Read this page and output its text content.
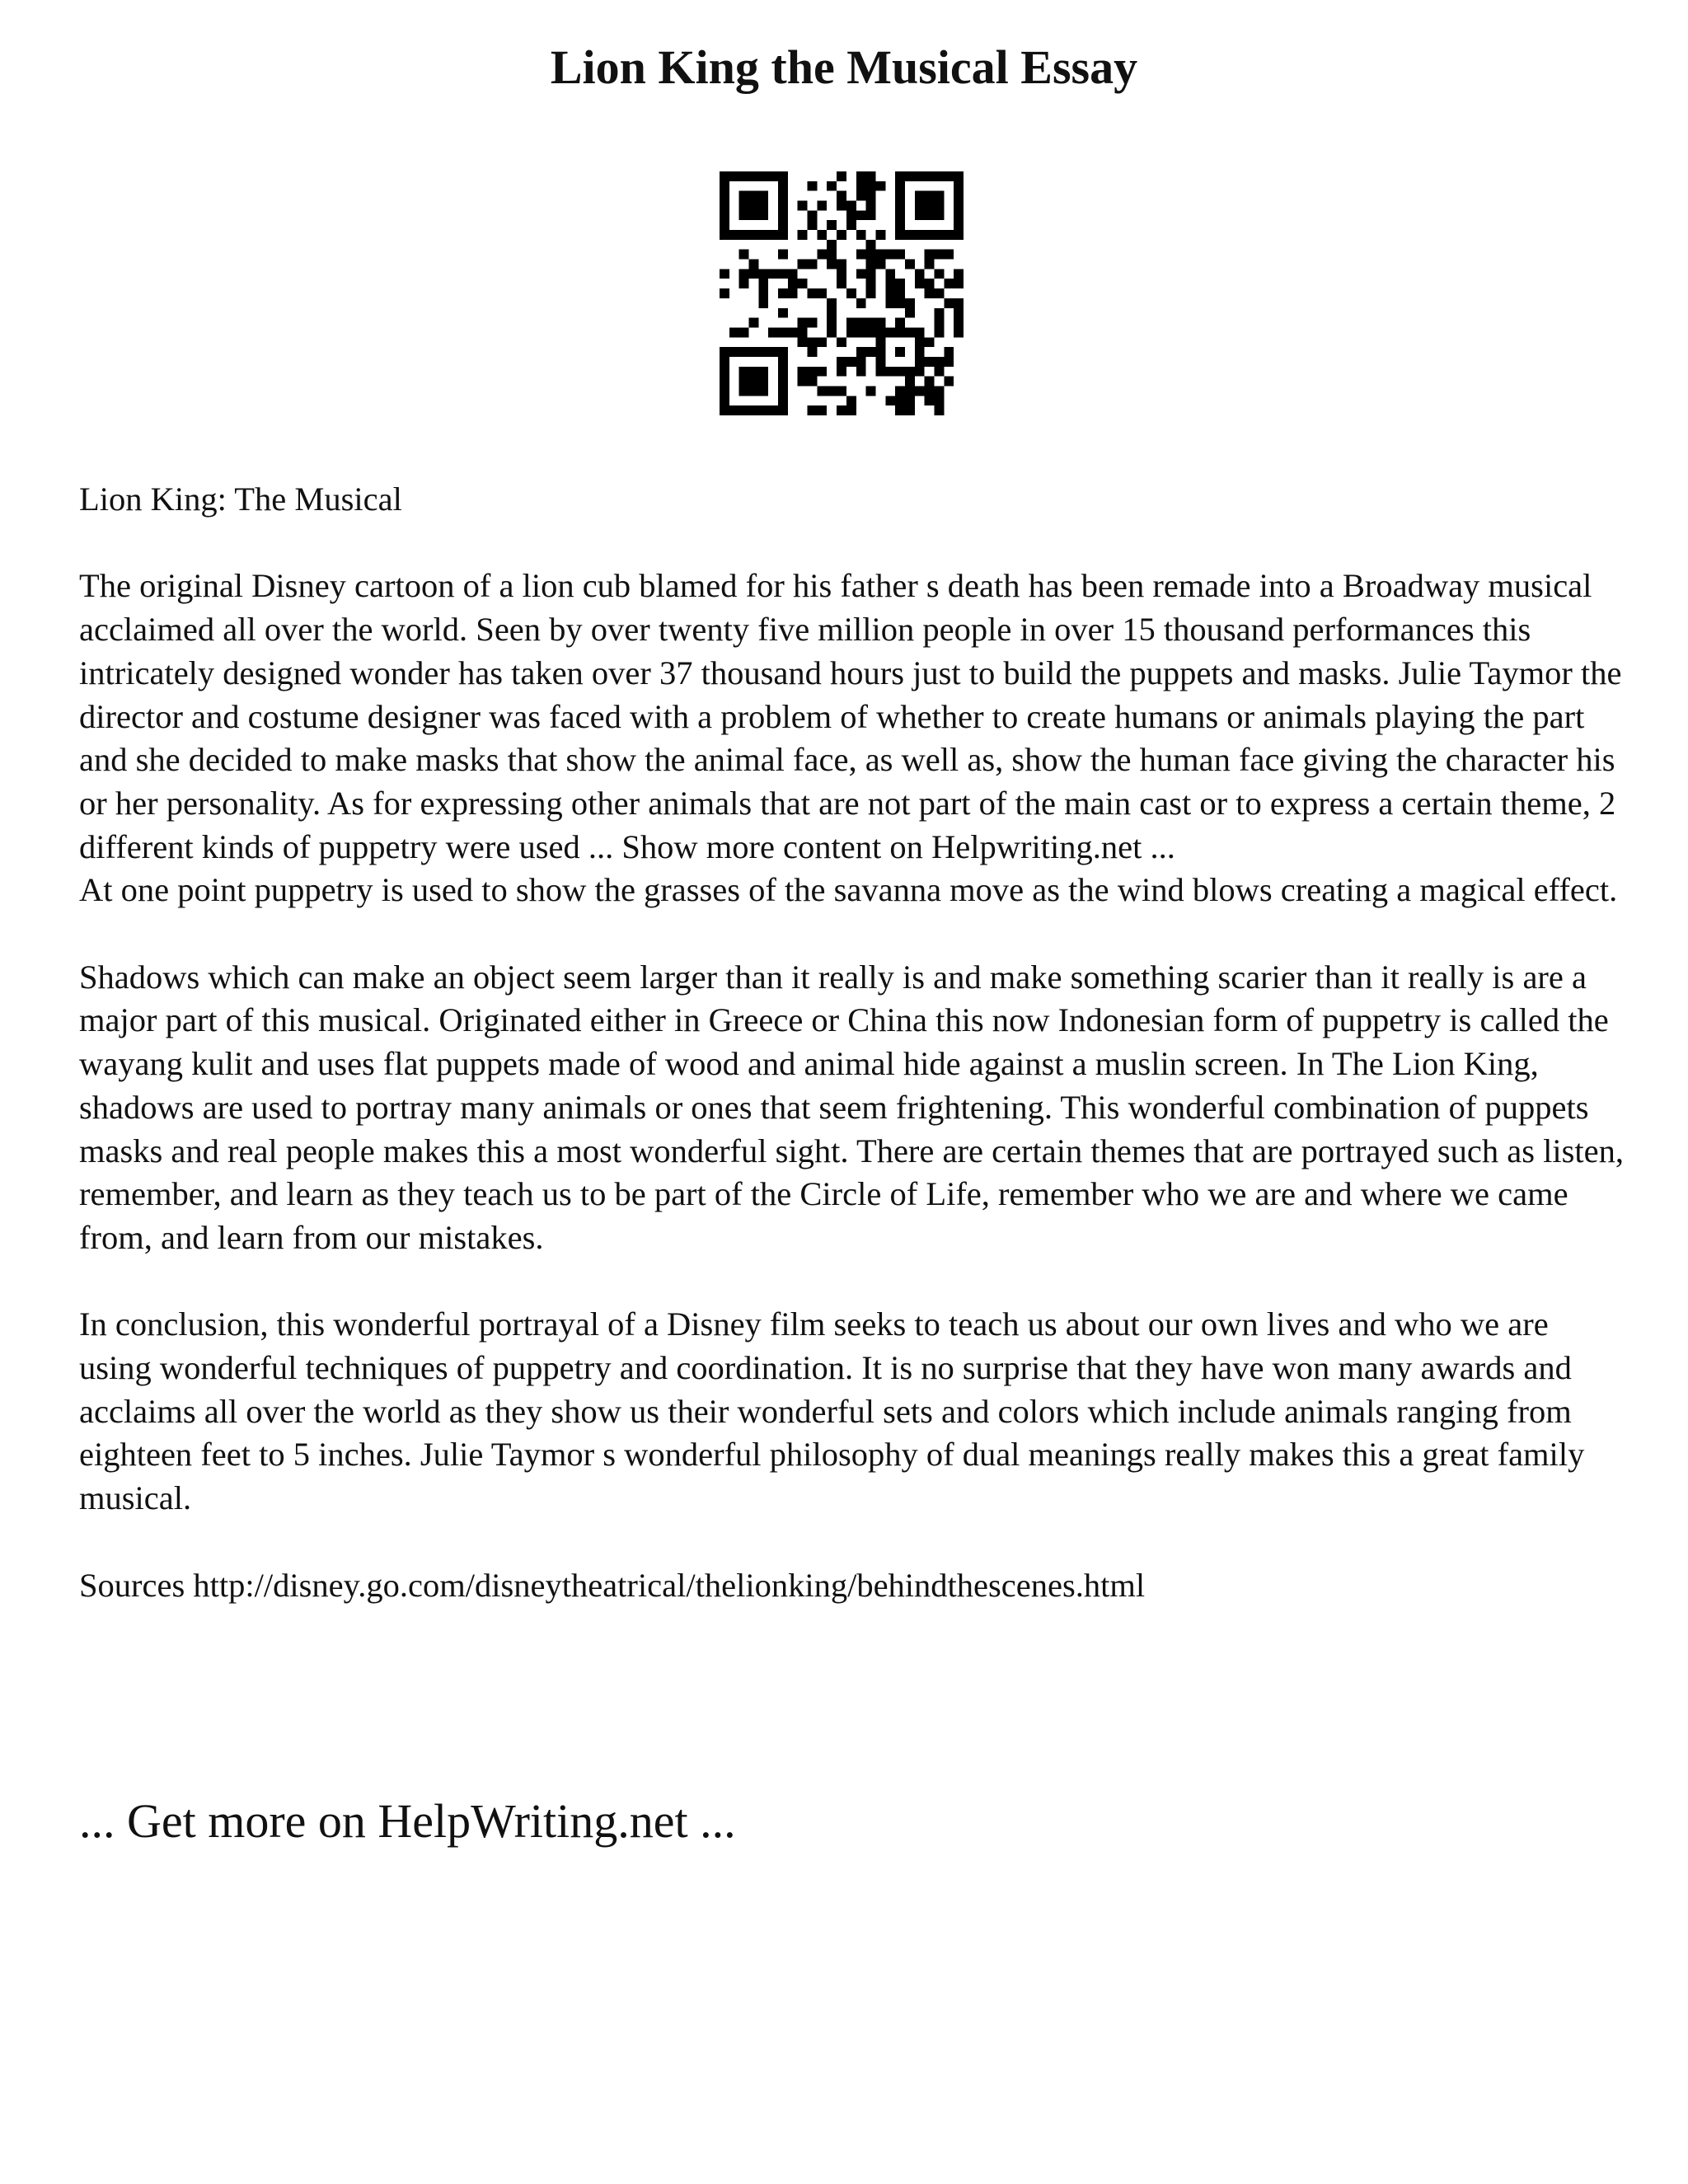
Lion King the Musical Essay

Lion King: The Musical

The original Disney cartoon of a lion cub blamed for his father s death has been remade into a Broadway musical acclaimed all over the world. Seen by over twenty five million people in over 15 thousand performances this intricately designed wonder has taken over 37 thousand hours just to build the puppets and masks. Julie Taymor the director and costume designer was faced with a problem of whether to create humans or animals playing the part and she decided to make masks that show the animal face, as well as, show the human face giving the character his or her personality. As for expressing other animals that are not part of the main cast or to express a certain theme, 2 different kinds of puppetry were used ... Show more content on Helpwriting.net ...

At one point puppetry is used to show the grasses of the savanna move as the wind blows creating a magical effect.

Shadows which can make an object seem larger than it really is and make something scarier than it really is are a major part of this musical. Originated either in Greece or China this now Indonesian form of puppetry is called the wayang kulit and uses flat puppets made of wood and animal hide against a muslin screen. In The Lion King, shadows are used to portray many animals or ones that seem frightening. This wonderful combination of puppets masks and real people makes this a most wonderful sight. There are certain themes that are portrayed such as listen, remember, and learn as they teach us to be part of the Circle of Life, remember who we are and where we came from, and learn from our mistakes.

In conclusion, this wonderful portrayal of a Disney film seeks to teach us about our own lives and who we are using wonderful techniques of puppetry and coordination. It is no surprise that they have won many awards and acclaims all over the world as they show us their wonderful sets and colors which include animals ranging from eighteen feet to 5 inches. Julie Taymor s wonderful philosophy of dual meanings really makes this a great family musical.

Sources http://disney.go.com/disneytheatrical/thelionking/behindthescenes.html

... Get more on HelpWriting.net ...
